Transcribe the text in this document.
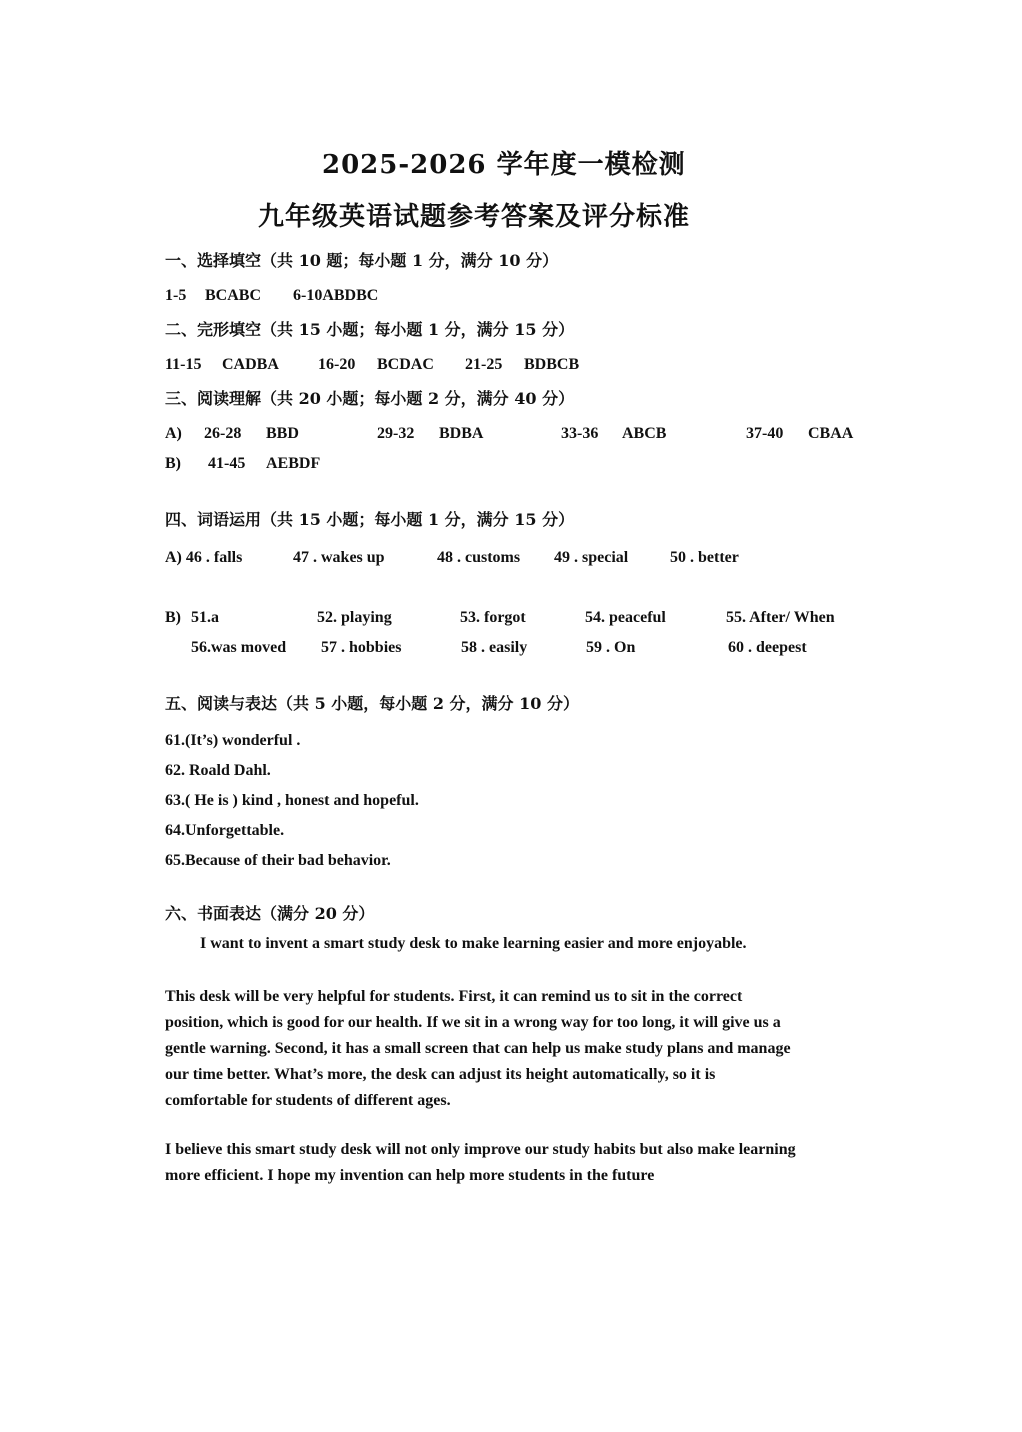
2025-2026 学年度一模检测
九年级英语试题参考答案及评分标准
一、选择填空（共 10 题；每小题 1 分，满分 10 分）
1-5 BCABC 6-10ABDBC
二、完形填空（共 15 小题；每小题 1 分，满分 15 分）
11-15 CADBA 16-20 BCDAC 21-25 BDBCB
三、阅读理解（共 20 小题；每小题 2 分，满分 40 分）
A) 26-28 BBD	29-32 BDBA	33-36 ABCB	37-40 CBAA
B) 41-45 AEBDF
四、词语运用（共 15 小题；每小题 1 分，满分 15 分）
A) 46 . falls	47 . wakes up	48 . customs 49 . special	50 . better
B) 51.a	52. playing	53. forgot	54. peaceful	55. After/ When
56.was moved 57 . hobbies	58 . easily	59 . On	60 . deepest
五、阅读与表达（共 5 小题，每小题 2 分，满分 10 分）
61.(It’s) wonderful .
62. Roald Dahl.
63.( He is ) kind , honest and hopeful.
64.Unforgettable.
65.Because of their bad behavior.
六、书面表达（满分 20 分）
I want to invent a smart study desk to make learning easier and more enjoyable.
This desk will be very helpful for students. First, it can remind us to sit in the correct
position, which is good for our health. If we sit in a wrong way for too long, it will give us a
gentle warning. Second, it has a small screen that can help us make study plans and manage
our time better. What’s more, the desk can adjust its height automatically, so it is
comfortable for students of different ages.
I believe this smart study desk will not only improve our study habits but also make learning
more efficient. I hope my invention can help more students in the future
